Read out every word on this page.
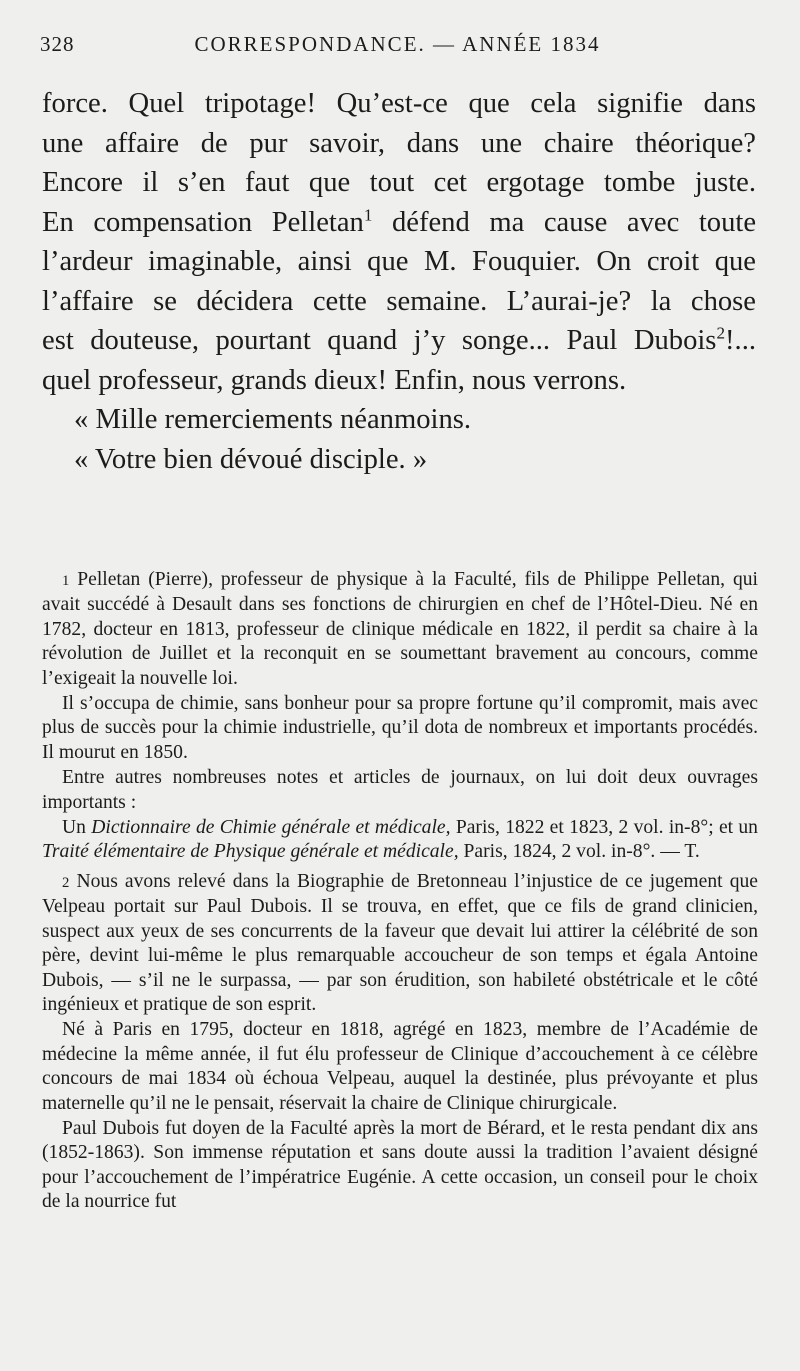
328	CORRESPONDANCE. — ANNÉE 1834

force. Quel tripotage! Qu’est-ce que cela signifie dans

une affaire de pur savoir, dans une chaire théorique?

Encore il s’en faut que tout cet ergotage tombe juste.

En compensation Pelletan$^1$ défend ma cause avec toute

l’ardeur imaginable, ainsi que M. Fouquier. On croit que

l’affaire se décidera cette semaine. L’aurai-je? la chose

est douteuse, pourtant quand j’y songe... Paul Dubois$^2$!...

quel professeur, grands dieux! Enfin, nous verrons.

« Mille remerciements néanmoins.

« Votre bien dévoué disciple. »

1 Pelletan (Pierre), professeur de physique à la Faculté, fils de Philippe Pelletan, qui avait succédé à Desault dans ses fonctions de chirurgien en chef de l’Hôtel-Dieu. Né en 1782, docteur en 1813, professeur de clinique médicale en 1822, il perdit sa chaire à la révolution de Juillet et la reconquit en se soumettant bravement au concours, comme l’exigeait la nouvelle loi.

Il s’occupa de chimie, sans bonheur pour sa propre fortune qu’il compromit, mais avec plus de succès pour la chimie industrielle, qu’il dota de nombreux et importants procédés. Il mourut en 1850.

Entre autres nombreuses notes et articles de journaux, on lui doit deux ouvrages importants :

Un Dictionnaire de Chimie générale et médicale, Paris, 1822 et 1823, 2 vol. in-8°; et un Traité élémentaire de Physique générale et médicale, Paris, 1824, 2 vol. in-8°. — T.

2 Nous avons relevé dans la Biographie de Bretonneau l’injustice de ce jugement que Velpeau portait sur Paul Dubois. Il se trouva, en effet, que ce fils de grand clinicien, suspect aux yeux de ses concurrents de la faveur que devait lui attirer la célébrité de son père, devint lui-même le plus remarquable accoucheur de son temps et égala Antoine Dubois, — s’il ne le surpassa, — par son érudition, son habileté obstétricale et le côté ingénieux et pratique de son esprit.

Né à Paris en 1795, docteur en 1818, agrégé en 1823, membre de l’Académie de médecine la même année, il fut élu professeur de Clinique d’accouchement à ce célèbre concours de mai 1834 où échoua Velpeau, auquel la destinée, plus prévoyante et plus maternelle qu’il ne le pensait, réservait la chaire de Clinique chirurgicale.

Paul Dubois fut doyen de la Faculté après la mort de Bérard, et le resta pendant dix ans (1852-1863). Son immense réputation et sans doute aussi la tradition l’avaient désigné pour l’accouchement de l’impératrice Eugénie. A cette occasion, un conseil pour le choix de la nourrice fut
